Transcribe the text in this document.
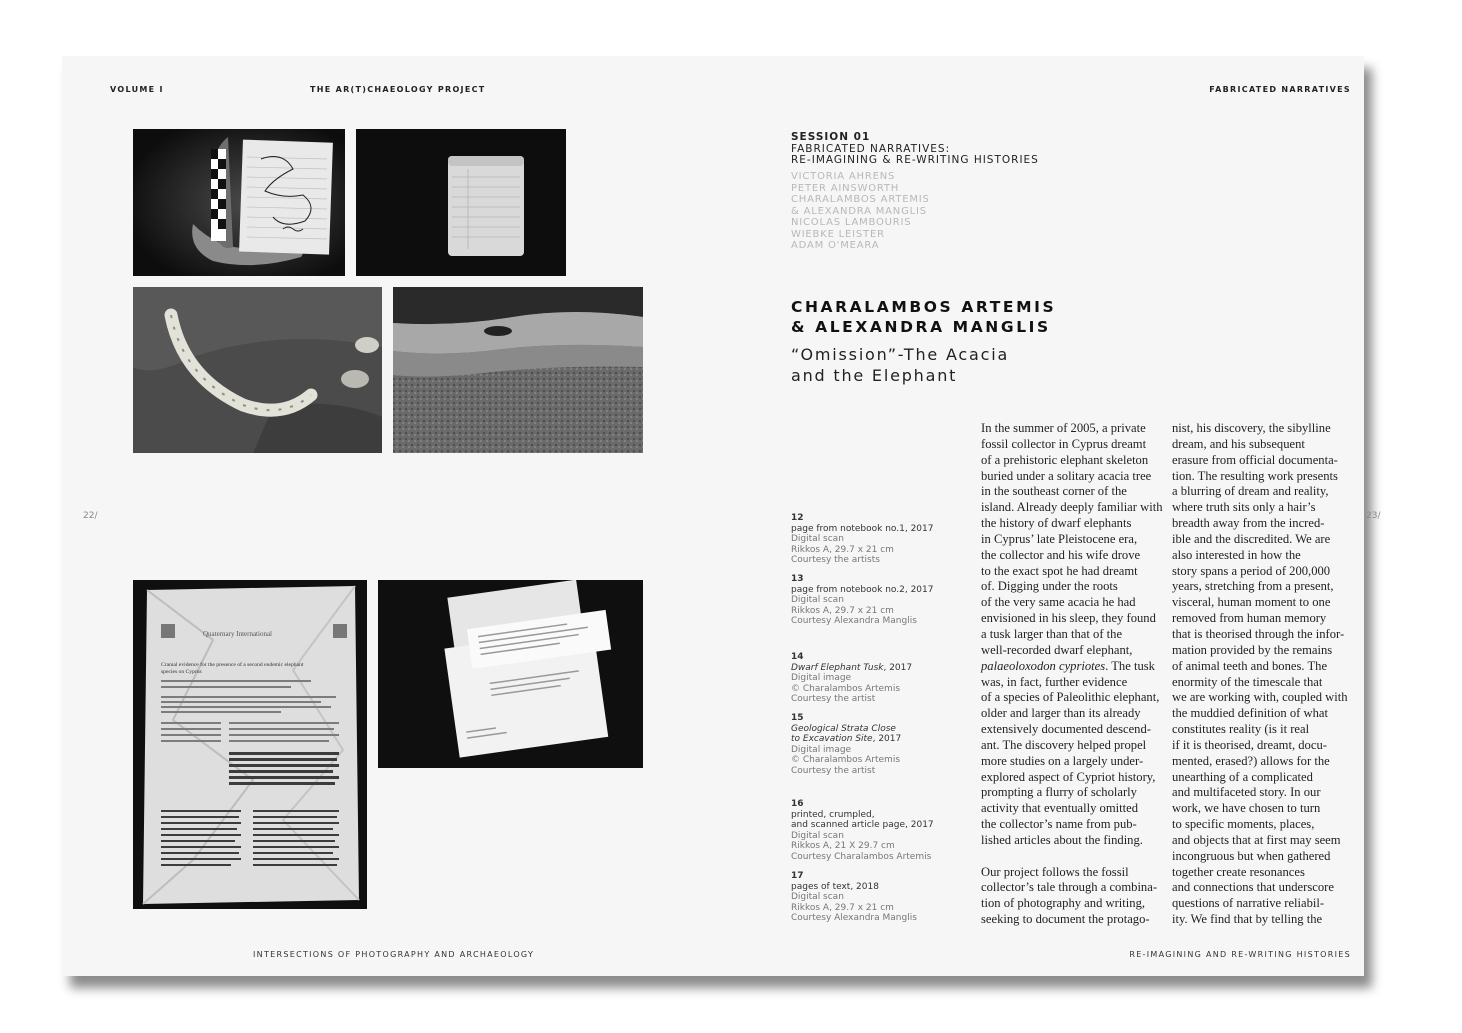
VOLUME I	THE AR(T)CHAEOLOGY PROJECT	FABRICATED NARRATIVES
22/	23/
Quaternary International
Cranial evidence for the presence of a second endemic elephant
species on Cyprus
SESSION 01
FABRICATED NARRATIVES:
RE-IMAGINING & RE-WRITING HISTORIES
VICTORIA AHRENS
PETER AINSWORTH
CHARALAMBOS ARTEMIS
& ALEXANDRA MANGLIS
NICOLAS LAMBOURIS
WIEBKE LEISTER
ADAM O'MEARA
CHARALAMBOS ARTEMIS
& ALEXANDRA MANGLIS
“Omission”-The Acacia
and the Elephant
12
page from notebook no.1, 2017
Digital scan
Rikkos A, 29.7 x 21 cm
Courtesy the artists
13
page from notebook no.2, 2017
Digital scan
Rikkos A, 29.7 x 21 cm
Courtesy Alexandra Manglis
14
Dwarf Elephant Tusk, 2017
Digital image
© Charalambos Artemis
Courtesy the artist
15
Geological Strata Close
to Excavation Site, 2017
Digital image
© Charalambos Artemis
Courtesy the artist
16
printed, crumpled,
and scanned article page, 2017
Digital scan
Rikkos A, 21 X 29.7 cm
Courtesy Charalambos Artemis
17
pages of text, 2018
Digital scan
Rikkos A, 29.7 x 21 cm
Courtesy Alexandra Manglis
In the summer of 2005, a private
fossil collector in Cyprus dreamt
of a prehistoric elephant skeleton
buried under a solitary acacia tree
in the southeast corner of the
island. Already deeply familiar with
the history of dwarf elephants
in Cyprus’ late Pleistocene era,
the collector and his wife drove
to the exact spot he had dreamt
of. Digging under the roots
of the very same acacia he had
envisioned in his sleep, they found
a tusk larger than that of the
well-recorded dwarf elephant,
palaeoloxodon cypriotes. The tusk
was, in fact, further evidence
of a species of Paleolithic elephant,
older and larger than its already
extensively documented descend-
ant. The discovery helped propel
more studies on a largely under-
explored aspect of Cypriot history,
prompting a flurry of scholarly
activity that eventually omitted
the collector’s name from pub-
lished articles about the finding.
Our project follows the fossil
collector’s tale through a combina-
tion of photography and writing,
seeking to document the protago-
nist, his discovery, the sibylline
dream, and his subsequent
erasure from official documenta-
tion. The resulting work presents
a blurring of dream and reality,
where truth sits only a hair’s
breadth away from the incred-
ible and the discredited. We are
also interested in how the
story spans a period of 200,000
years, stretching from a present,
visceral, human moment to one
removed from human memory
that is theorised through the infor-
mation provided by the remains
of animal teeth and bones. The
enormity of the timescale that
we are working with, coupled with
the muddied definition of what
constitutes reality (is it real
if it is theorised, dreamt, docu-
mented, erased?) allows for the
unearthing of a complicated
and multifaceted story. In our
work, we have chosen to turn
to specific moments, places,
and objects that at first may seem
incongruous but when gathered
together create resonances
and connections that underscore
questions of narrative reliabil-
ity. We find that by telling the
INTERSECTIONS OF PHOTOGRAPHY AND ARCHAEOLOGY	RE-IMAGINING AND RE-WRITING HISTORIES
